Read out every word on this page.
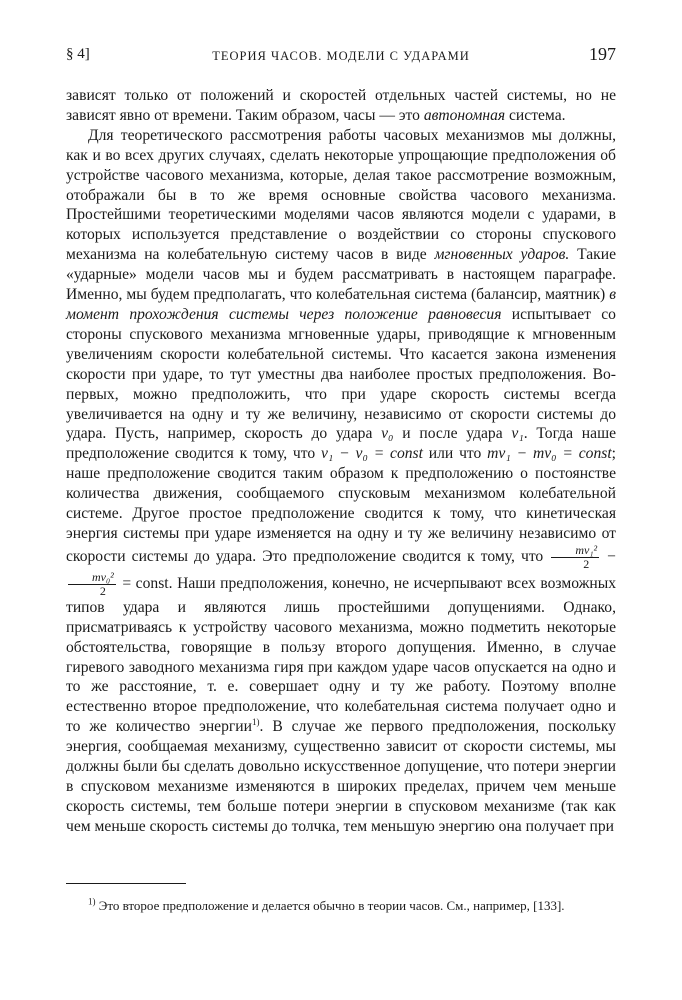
§ 4]	ТЕОРИЯ ЧАСОВ. МОДЕЛИ С УДАРАМИ	197

зависят только от положений и скоростей отдельных частей системы, но не зависят явно от времени. Таким образом, часы — это автономная система.

Для теоретического рассмотрения работы часовых механизмов мы должны, как и во всех других случаях, сделать некоторые упрощающие предположения об устройстве часового механизма, которые, делая такое рассмотрение возможным, отображали бы в то же время основные свойства часового механизма. Простейшими теоретическими моделями часов являются модели с ударами, в которых используется представление о воздействии со стороны спускового механизма на колебательную систему часов в виде мгновенных ударов. Такие «ударные» модели часов мы и будем рассматривать в настоящем параграфе. Именно, мы будем предполагать, что колебательная система (балансир, маятник) в момент прохождения системы через положение равновесия испытывает со стороны спускового механизма мгновенные удары, приводящие к мгновенным увеличениям скорости колебательной системы. Что касается закона изменения скорости при ударе, то тут уместны два наиболее простых предположения. Во-первых, можно предположить, что при ударе скорость системы всегда увеличивается на одну и ту же величину, независимо от скорости системы до удара. Пусть, например, скорость до удара v₀ и после удара v₁. Тогда наше предположение сводится к тому, что v₁ − v₀ = const или что mv₁ − mv₀ = const; наше предположение сводится таким образом к предположению о постоянстве количества движения, сообщаемого спусковым механизмом колебательной системе. Другое простое предположение сводится к тому, что кинетическая энергия системы при ударе изменяется на одну и ту же величину независимо от скорости системы до удара. Это предположение сводится к тому, что $\frac{\text{mv₁²}}{2}$ −
$\frac{\text{mv₀²}}{2}$ = const. Наши предположения, конечно, не исчерпывают всех возможных типов удара и являются лишь простейшими допущениями. Однако, присматриваясь к устройству часового механизма, можно подметить некоторые обстоятельства, говорящие в пользу второго допущения. Именно, в случае гиревого заводного механизма гиря при каждом ударе часов опускается на одно и то же расстояние, т. е. совершает одну и ту же работу. Поэтому вполне естественно второе предположение, что колебательная система получает одно и то же количество энергии$^{1)}$. В случае же первого предположения, поскольку энергия, сообщаемая механизму, существенно зависит от скорости системы, мы должны были бы сделать довольно искусственное допущение, что потери энергии в спусковом механизме изменяются в широких пределах, причем чем меньше скорость системы, тем больше потери энергии в спусковом механизме (так как чем меньше скорость системы до толчка, тем меньшую энергию она получает при

$^{1)}$ Это второе предположение и делается обычно в теории часов. См., например, [133].
